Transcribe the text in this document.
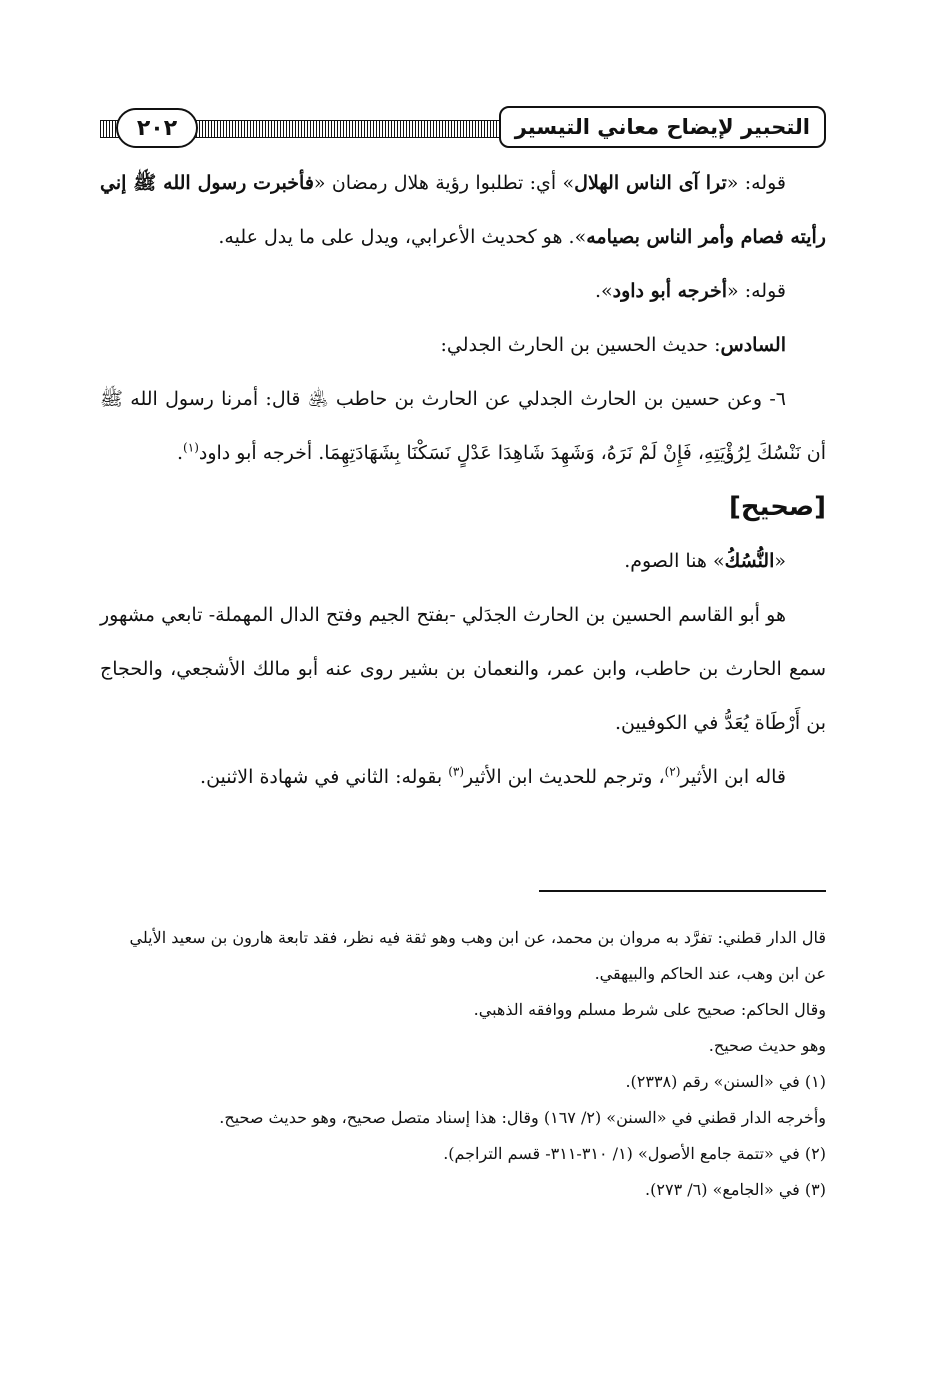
التحبير لإيضاح معاني التيسير
٢٠٢

قوله: «ترا آى الناس الهلال» أي: تطلبوا رؤية هلال رمضان «فأخبرت رسول الله ﷺ إني رأيته فصام وأمر الناس بصيامه». هو كحديث الأعرابي، ويدل على ما يدل عليه.

قوله: «أخرجه أبو داود».

السادس: حديث الحسين بن الحارث الجدلي:

٦- وعن حسين بن الحارث الجدلي عن الحارث بن حاطب ﵁ قال: أمرنا رسول الله ﷺ أن نَنْسُكَ لِرُؤْيَتِهِ، فَإِنْ لَمْ نَرَهُ، وَشَهِدَ شَاهِدَا عَدْلٍ نَسَكْنَا بِشَهَادَتِهِمَا. أخرجه أبو داود$^{(١)}$.

[صحيح]

«النُّسُكُ» هنا الصوم.

هو أبو القاسم الحسين بن الحارث الجدَلي -بفتح الجيم وفتح الدال المهملة- تابعي مشهور سمع الحارث بن حاطب، وابن عمر، والنعمان بن بشير روى عنه أبو مالك الأشجعي، والحجاج بن أَرْطَاة يُعَدُّ في الكوفيين.

قاله ابن الأثير$^{(٢)}$، وترجم للحديث ابن الأثير$^{(٣)}$ بقوله: الثاني في شهادة الاثنين.

قال الدار قطني: تفرَّد به مروان بن محمد، عن ابن وهب وهو ثقة فيه نظر، فقد تابعة هارون بن سعيد الأيلي

عن ابن وهب، عند الحاكم والبيهقي.

وقال الحاكم: صحيح على شرط مسلم ووافقه الذهبي.

وهو حديث صحيح.

(١) في «السنن» رقم (٢٣٣٨).

وأخرجه الدار قطني في «السنن» (٢/ ١٦٧) وقال: هذا إسناد متصل صحيح، وهو حديث صحيح.

(٢) في «تتمة جامع الأصول» (١/ ٣١٠-٣١١- قسم التراجم).

(٣) في «الجامع» (٦/ ٢٧٣).
